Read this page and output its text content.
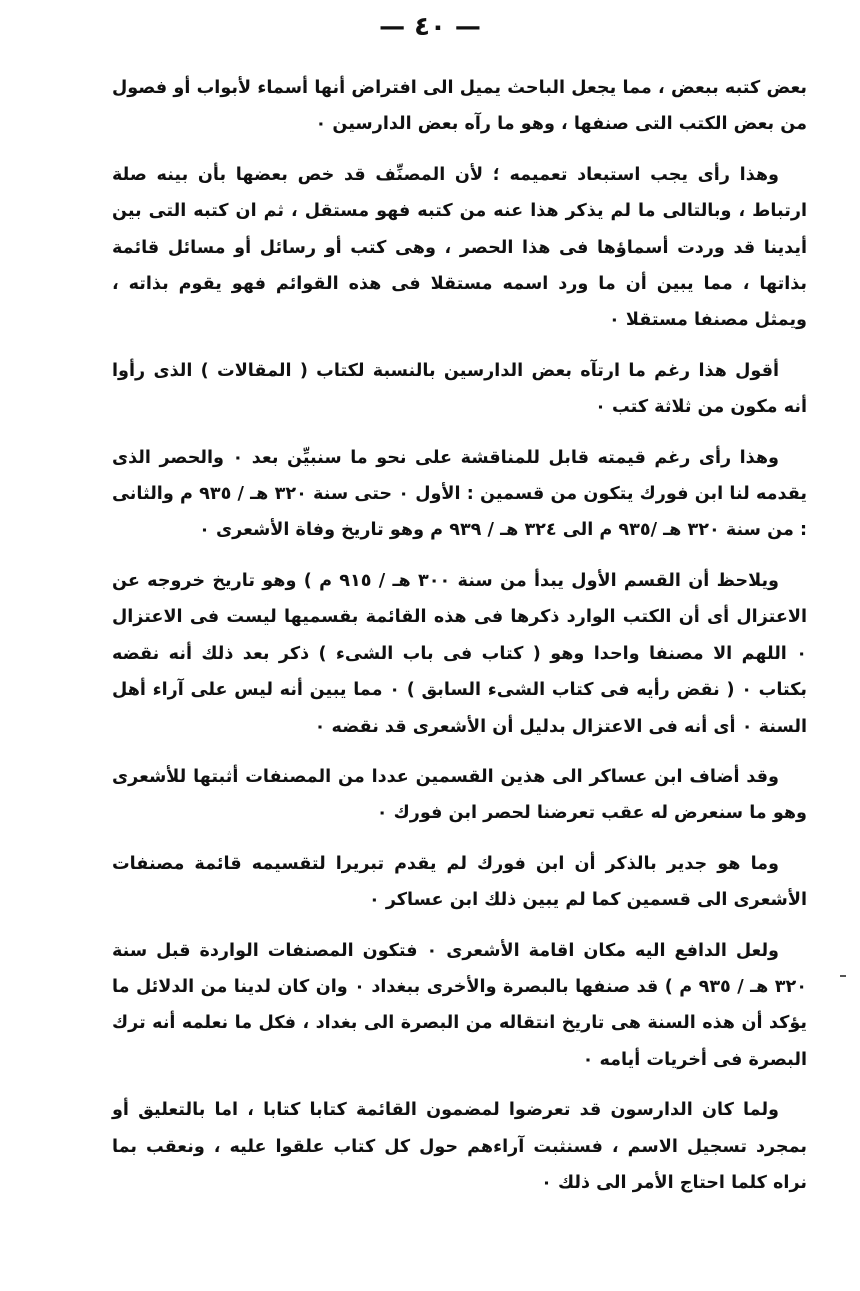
— ٤٠ —

بعض كتبه ببعض ، مما يجعل الباحث يميل الى افتراض أنها أسماء لأبواب أو فصول من بعض الكتب التى صنفها ، وهو ما رآه بعض الدارسين ٠

وهذا رأى يجب استبعاد تعميمه ؛ لأن المصنِّف قد خص بعضها بأن بينه صلة ارتباط ، وبالتالى ما لم يذكر هذا عنه من كتبه فهو مستقل ، ثم ان كتبه التى بين أيدينا قد وردت أسماؤها فى هذا الحصر ، وهى كتب أو رسائل أو مسائل قائمة بذاتها ، مما يبين أن ما ورد اسمه مستقلا فى هذه القوائم فهو يقوم بذاته ، ويمثل مصنفا مستقلا ٠

أقول هذا رغم ما ارتآه بعض الدارسين بالنسبة لكتاب ( المقالات ) الذى رأوا أنه مكون من ثلاثة كتب ٠

وهذا رأى رغم قيمته قابل للمناقشة على نحو ما سنبيِّن بعد ٠ والحصر الذى يقدمه لنا ابن فورك يتكون من قسمين : الأول ٠ حتى سنة ٣٢٠ هـ / ٩٣٥ م والثانى : من سنة ٣٢٠ هـ /٩٣٥ م الى ٣٢٤ هـ / ٩٣٩ م وهو تاريخ وفاة الأشعرى ٠

ويلاحظ أن القسم الأول يبدأ من سنة ٣٠٠ هـ / ٩١٥ م ) وهو تاريخ خروجه عن الاعتزال أى أن الكتب الوارد ذكرها فى هذه القائمة بقسميها ليست فى الاعتزال ٠ اللهم الا مصنفا واحدا وهو ( كتاب فى باب الشىء ) ذكر بعد ذلك أنه نقضه بكتاب ٠ ( نقض رأيه فى كتاب الشىء السابق ) ٠ مما يبين أنه ليس على آراء أهل السنة ٠ أى أنه فى الاعتزال بدليل أن الأشعرى قد نقضه ٠

وقد أضاف ابن عساكر الى هذين القسمين عددا من المصنفات أثبتها للأشعرى وهو ما سنعرض له عقب تعرضنا لحصر ابن فورك ٠

وما هو جدير بالذكر أن ابن فورك لم يقدم تبريرا لتقسيمه قائمة مصنفات الأشعرى الى قسمين كما لم يبين ذلك ابن عساكر ٠

ولعل الدافع اليه مكان اقامة الأشعرى ٠ فتكون المصنفات الواردة قبل سنة ٣٢٠ هـ / ٩٣٥ م ) قد صنفها بالبصرة والأخرى ببغداد ٠ وان كان لدينا من الدلائل ما يؤكد أن هذه السنة هى تاريخ انتقاله من البصرة الى بغداد ، فكل ما نعلمه أنه ترك البصرة فى أخريات أيامه ٠

ولما كان الدارسون قد تعرضوا لمضمون القائمة كتابا كتابا ، اما بالتعليق أو بمجرد تسجيل الاسم ، فسنثبت آراءهم حول كل كتاب علقوا عليه ، ونعقب بما نراه كلما احتاج الأمر الى ذلك ٠
